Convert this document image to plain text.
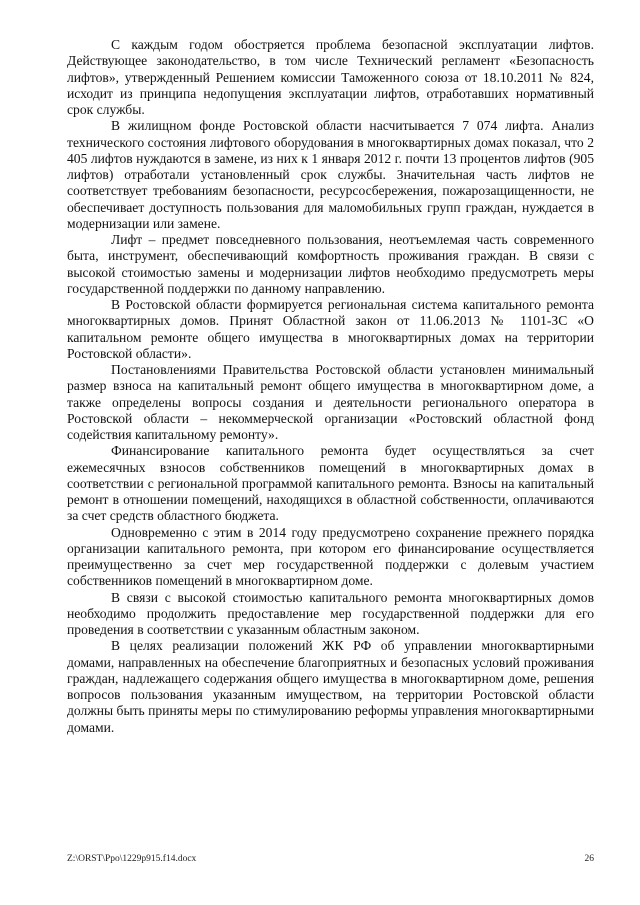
С каждым годом обостряется проблема безопасной эксплуатации лифтов. Действующее законодательство, в том числе Технический регламент «Безопасность лифтов», утвержденный Решением комиссии Таможенного союза от 18.10.2011 № 824, исходит из принципа недопущения эксплуатации лифтов, отработавших нормативный срок службы.

В жилищном фонде Ростовской области насчитывается 7 074 лифта. Анализ технического состояния лифтового оборудования в многоквартирных домах показал, что 2 405 лифтов нуждаются в замене, из них к 1 января 2012 г. почти 13 процентов лифтов (905 лифтов) отработали установленный срок службы. Значительная часть лифтов не соответствует требованиям безопасности, ресурсосбережения, пожарозащищенности, не обеспечивает доступность пользования для маломобильных групп граждан, нуждается в модернизации или замене.

Лифт – предмет повседневного пользования, неотъемлемая часть современного быта, инструмент, обеспечивающий комфортность проживания граждан. В связи с высокой стоимостью замены и модернизации лифтов необходимо предусмотреть меры государственной поддержки по данному направлению.

В Ростовской области формируется региональная система капитального ремонта многоквартирных домов. Принят Областной закон от 11.06.2013 № 1101-ЗС «О капитальном ремонте общего имущества в многоквартирных домах на территории Ростовской области».

Постановлениями Правительства Ростовской области установлен минимальный размер взноса на капитальный ремонт общего имущества в многоквартирном доме, а также определены вопросы создания и деятельности регионального оператора в Ростовской области – некоммерческой организации «Ростовский областной фонд содействия капитальному ремонту».

Финансирование капитального ремонта будет осуществляться за счет ежемесячных взносов собственников помещений в многоквартирных домах в соответствии с региональной программой капитального ремонта. Взносы на капитальный ремонт в отношении помещений, находящихся в областной собственности, оплачиваются за счет средств областного бюджета.

Одновременно с этим в 2014 году предусмотрено сохранение прежнего порядка организации капитального ремонта, при котором его финансирование осуществляется преимущественно за счет мер государственной поддержки с долевым участием собственников помещений в многоквартирном доме.

В связи с высокой стоимостью капитального ремонта многоквартирных домов необходимо продолжить предоставление мер государственной поддержки для его проведения в соответствии с указанным областным законом.

В целях реализации положений ЖК РФ об управлении многоквартирными домами, направленных на обеспечение благоприятных и безопасных условий проживания граждан, надлежащего содержания общего имущества в многоквартирном доме, решения вопросов пользования указанным имуществом, на территории Ростовской области должны быть приняты меры по стимулированию реформы управления многоквартирными домами.

Z:\ORST\Ppo\1229p915.f14.docx	26
